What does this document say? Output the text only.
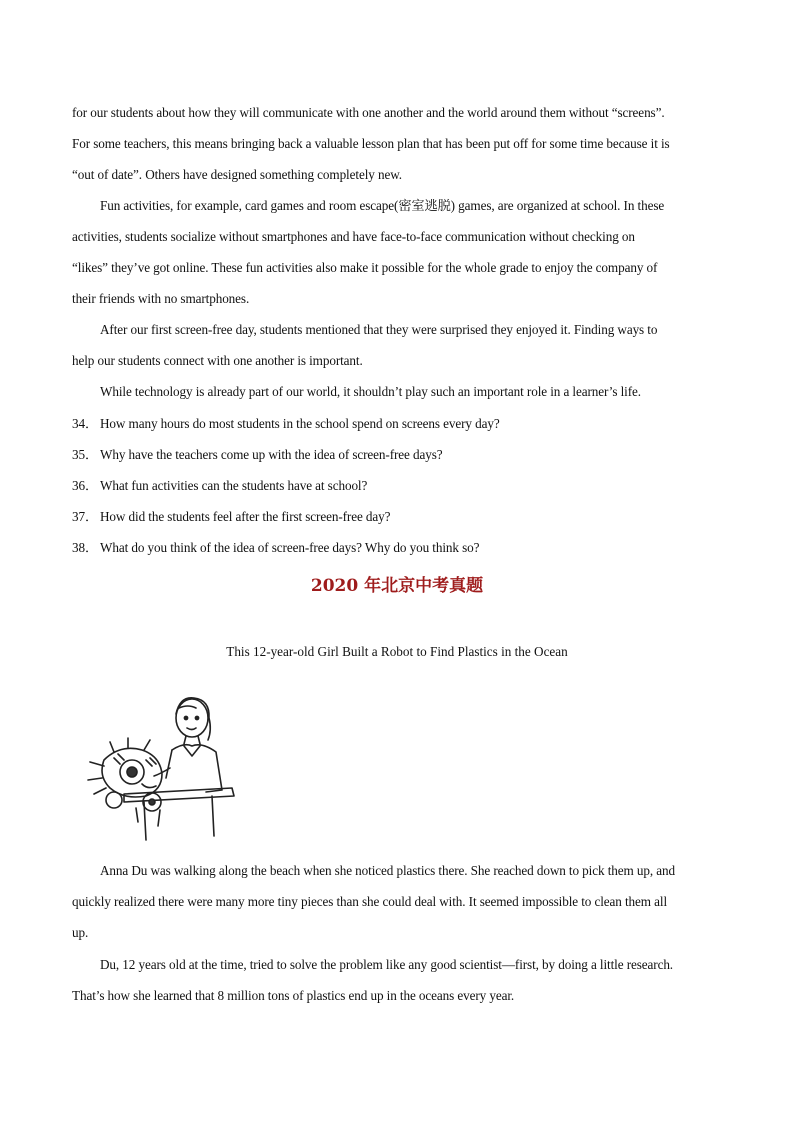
for our students about how they will communicate with one another and the world around them without “screens”.
For some teachers, this means bringing back a valuable lesson plan that has been put off for some time because it is
“out of date”. Others have designed something completely new.
Fun activities, for example, card games and room escape(密室逃脱) games, are organized at school. In these
activities, students socialize without smartphones and have face-to-face communication without checking on
“likes” they’ve got online. These fun activities also make it possible for the whole grade to enjoy the company of
their friends with no smartphones.
After our first screen-free day, students mentioned that they were surprised they enjoyed it. Finding ways to
help our students connect with one another is important.
While technology is already part of our world, it shouldn’t play such an important role in a learner’s life.
34． How many hours do most students in the school spend on screens every day?
35． Why have the teachers come up with the idea of screen-free days?
36． What fun activities can the students have at school?
37． How did the students feel after the first screen-free day?
38． What do you think of the idea of screen-free days? Why do you think so?
2020 年北京中考真题
This 12-year-old Girl Built a Robot to Find Plastics in the Ocean
Anna Du was walking along the beach when she noticed plastics there. She reached down to pick them up, and
quickly realized there were many more tiny pieces than she could deal with. It seemed impossible to clean them all
up.
Du, 12 years old at the time, tried to solve the problem like any good scientist—first, by doing a little research.
That’s how she learned that 8 million tons of plastics end up in the oceans every year.
